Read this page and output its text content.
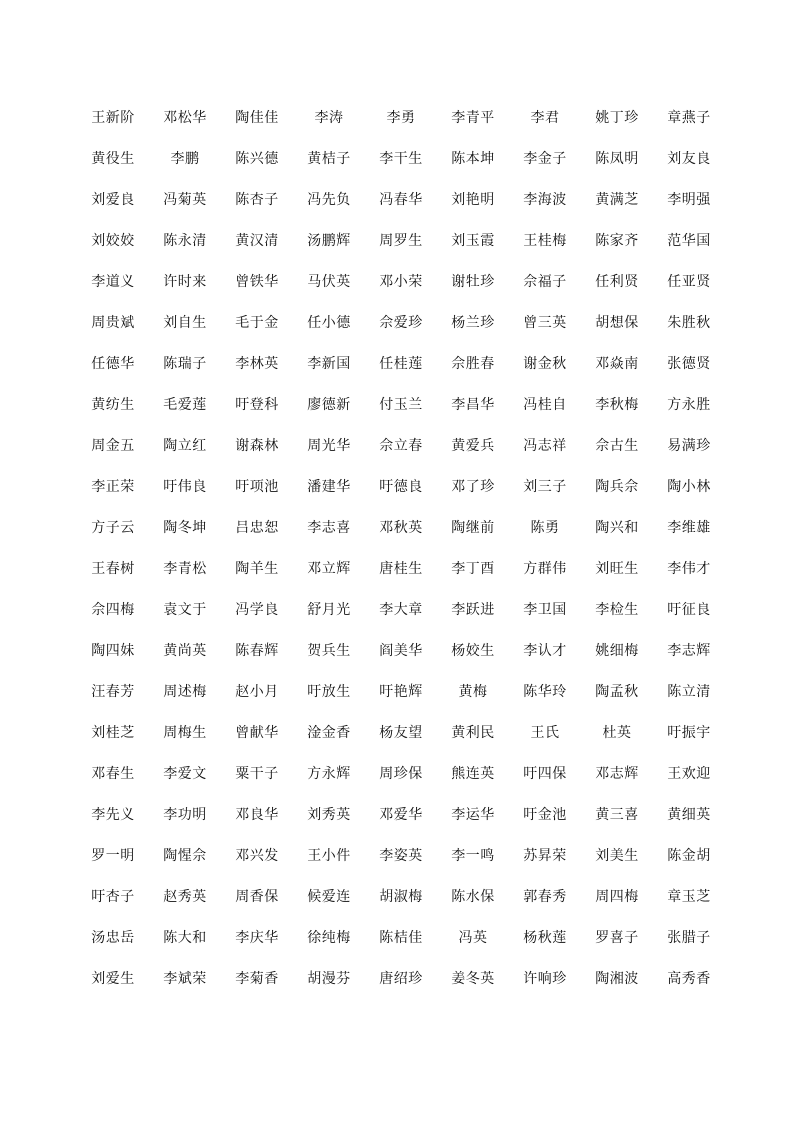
王新阶	邓松华	陶佳佳	李涛	李勇	李青平	李君	姚丁珍	章燕子
黄役生	李鹏	陈兴德	黄桔子	李干生	陈本坤	李金子	陈凤明	刘友良
刘爱良	冯菊英	陈杏子	冯先负	冯春华	刘艳明	李海波	黄满芝	李明强
刘姣姣	陈永清	黄汉清	汤鹏辉	周罗生	刘玉霞	王桂梅	陈家齐	范华国
李道义	许时来	曾铁华	马伏英	邓小荣	谢牡珍	佘福子	任利贤	任亚贤
周贵斌	刘自生	毛于金	任小德	佘爱珍	杨兰珍	曾三英	胡想保	朱胜秋
任德华	陈瑞子	李林英	李新国	任桂莲	佘胜春	谢金秋	邓焱南	张德贤
黄纺生	毛爱莲	吁登科	廖德新	付玉兰	李昌华	冯桂自	李秋梅	方永胜
周金五	陶立红	谢森林	周光华	佘立春	黄爱兵	冯志祥	佘古生	易满珍
李正荣	吁伟良	吁项池	潘建华	吁德良	邓了珍	刘三子	陶兵佘	陶小林
方子云	陶冬坤	吕忠恕	李志喜	邓秋英	陶继前	陈勇	陶兴和	李维雄
王春树	李青松	陶羊生	邓立辉	唐桂生	李丁酉	方群伟	刘旺生	李伟才
佘四梅	袁文于	冯学良	舒月光	李大章	李跃进	李卫国	李检生	吁征良
陶四妹	黄尚英	陈春辉	贺兵生	阎美华	杨姣生	李认才	姚细梅	李志辉
汪春芳	周述梅	赵小月	吁放生	吁艳辉	黄梅	陈华玲	陶孟秋	陈立清
刘桂芝	周梅生	曾献华	淦金香	杨友望	黄利民	王氏	杜英	吁振宇
邓春生	李爱文	粟干子	方永辉	周珍保	熊连英	吁四保	邓志辉	王欢迎
李先义	李功明	邓良华	刘秀英	邓爱华	李运华	吁金池	黄三喜	黄细英
罗一明	陶惺佘	邓兴发	王小件	李姿英	李一鸣	苏昇荣	刘美生	陈金胡
吁杏子	赵秀英	周香保	候爱连	胡淑梅	陈水保	郭春秀	周四梅	章玉芝
汤忠岳	陈大和	李庆华	徐纯梅	陈桔佳	冯英	杨秋莲	罗喜子	张腊子
刘爱生	李斌荣	李菊香	胡漫芬	唐绍珍	姜冬英	许响珍	陶湘波	高秀香
